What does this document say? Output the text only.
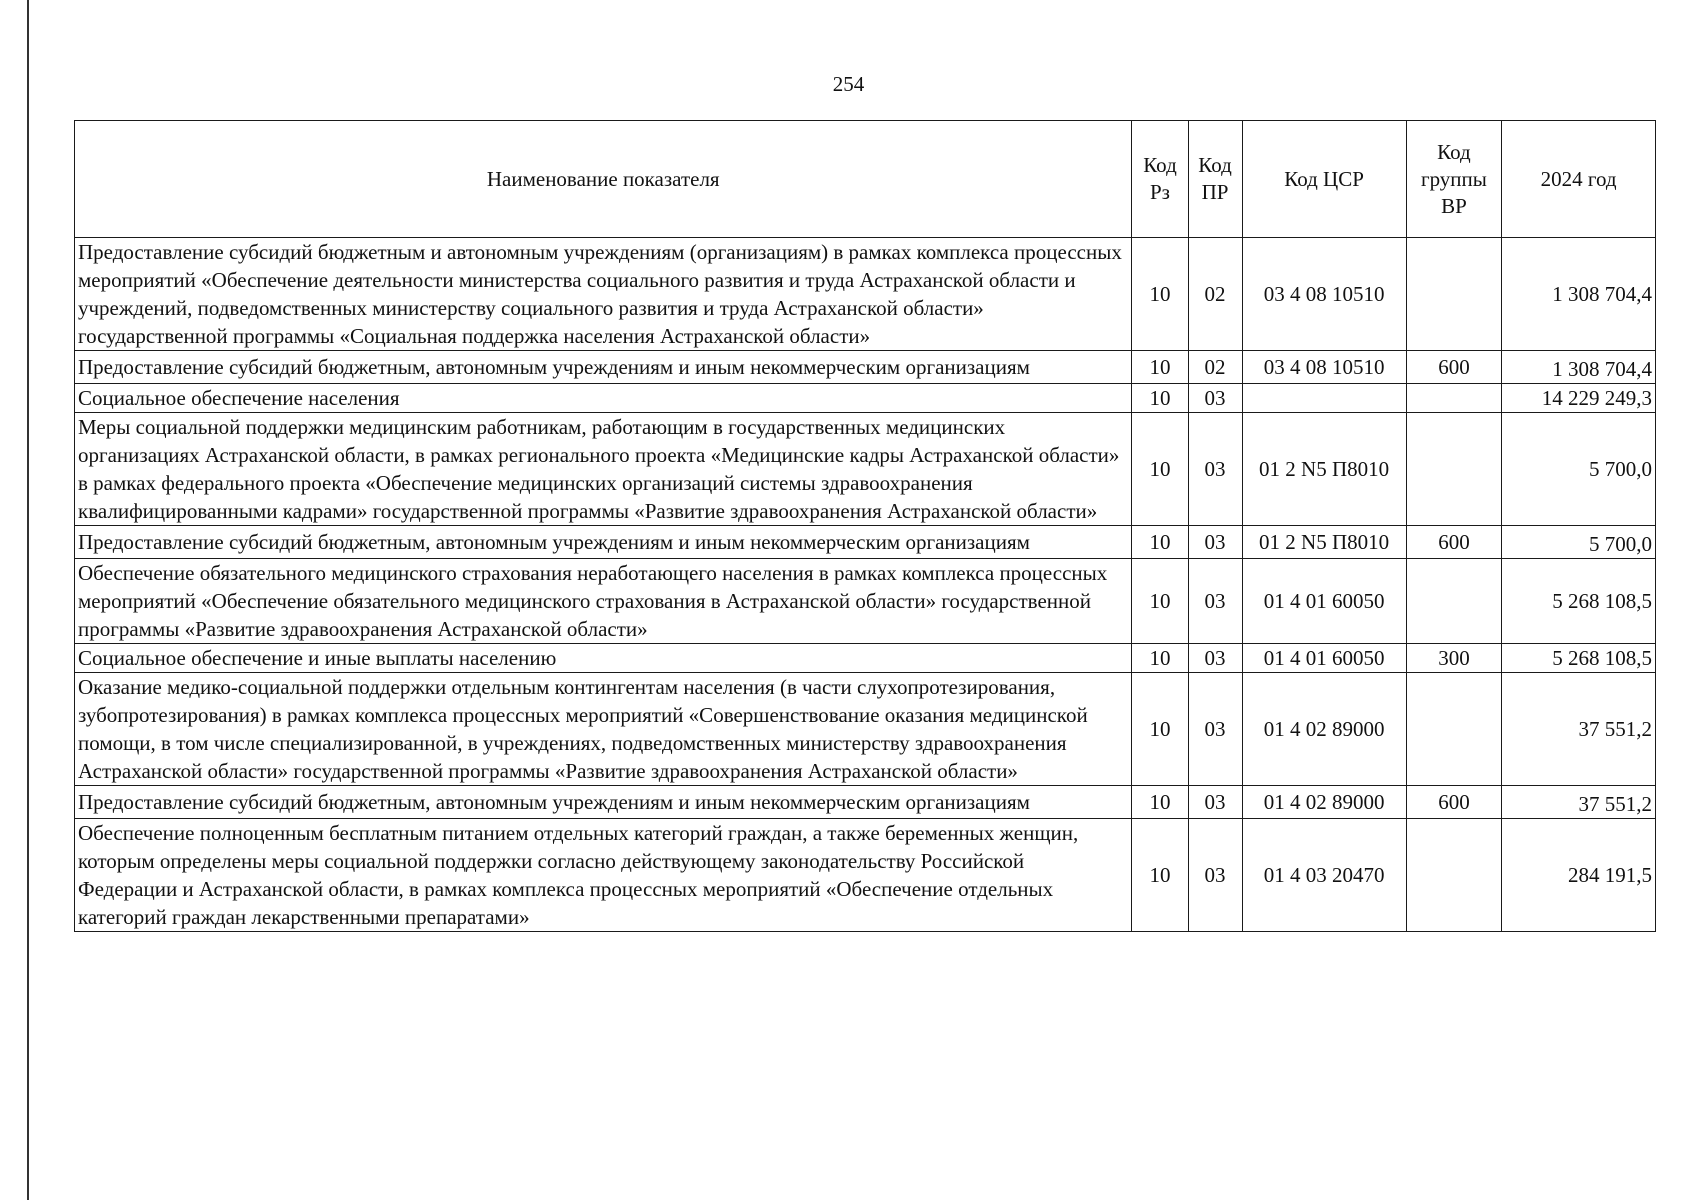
254
Наименование показателя	Код Рз	Код ПР	Код ЦСР	Код группы ВР	2024 год
Предоставление субсидий бюджетным и автономным учреждениям (организациям) в рамках комплекса процессных мероприятий «Обеспечение деятельности министерства социального развития и труда Астраханской области и учреждений, подведомственных министерству социального развития и труда Астраханской области» государственной программы «Социальная поддержка населения Астраханской области»	10	02	03 4 08 10510		1 308 704,4
Предоставление субсидий бюджетным, автономным учреждениям и иным некоммерческим организациям	10	02	03 4 08 10510	600	1 308 704,4
Социальное обеспечение населения	10	03			14 229 249,3
Меры социальной поддержки медицинским работникам, работающим в государственных медицинских организациях Астраханской области, в рамках регионального проекта «Медицинские кадры Астраханской области» в рамках федерального проекта «Обеспечение медицинских организаций системы здравоохранения квалифицированными кадрами» государственной программы «Развитие здравоохранения Астраханской области»	10	03	01 2 N5 П8010		5 700,0
Предоставление субсидий бюджетным, автономным учреждениям и иным некоммерческим организациям	10	03	01 2 N5 П8010	600	5 700,0
Обеспечение обязательного медицинского страхования неработающего населения в рамках комплекса процессных мероприятий «Обеспечение обязательного медицинского страхования в Астраханской области» государственной программы «Развитие здравоохранения Астраханской области»	10	03	01 4 01 60050		5 268 108,5
Социальное обеспечение и иные выплаты населению	10	03	01 4 01 60050	300	5 268 108,5
Оказание медико-социальной поддержки отдельным контингентам населения (в части слухопротезирования, зубопротезирования) в рамках комплекса процессных мероприятий «Совершенствование оказания медицинской помощи, в том числе специализированной, в учреждениях, подведомственных министерству здравоохранения Астраханской области» государственной программы «Развитие здравоохранения Астраханской области»	10	03	01 4 02 89000		37 551,2
Предоставление субсидий бюджетным, автономным учреждениям и иным некоммерческим организациям	10	03	01 4 02 89000	600	37 551,2
Обеспечение полноценным бесплатным питанием отдельных категорий граждан, а также беременных женщин, которым определены меры социальной поддержки согласно действующему законодательству Российской Федерации и Астраханской области, в рамках комплекса процессных мероприятий «Обеспечение отдельных категорий граждан лекарственными препаратами»	10	03	01 4 03 20470		284 191,5
